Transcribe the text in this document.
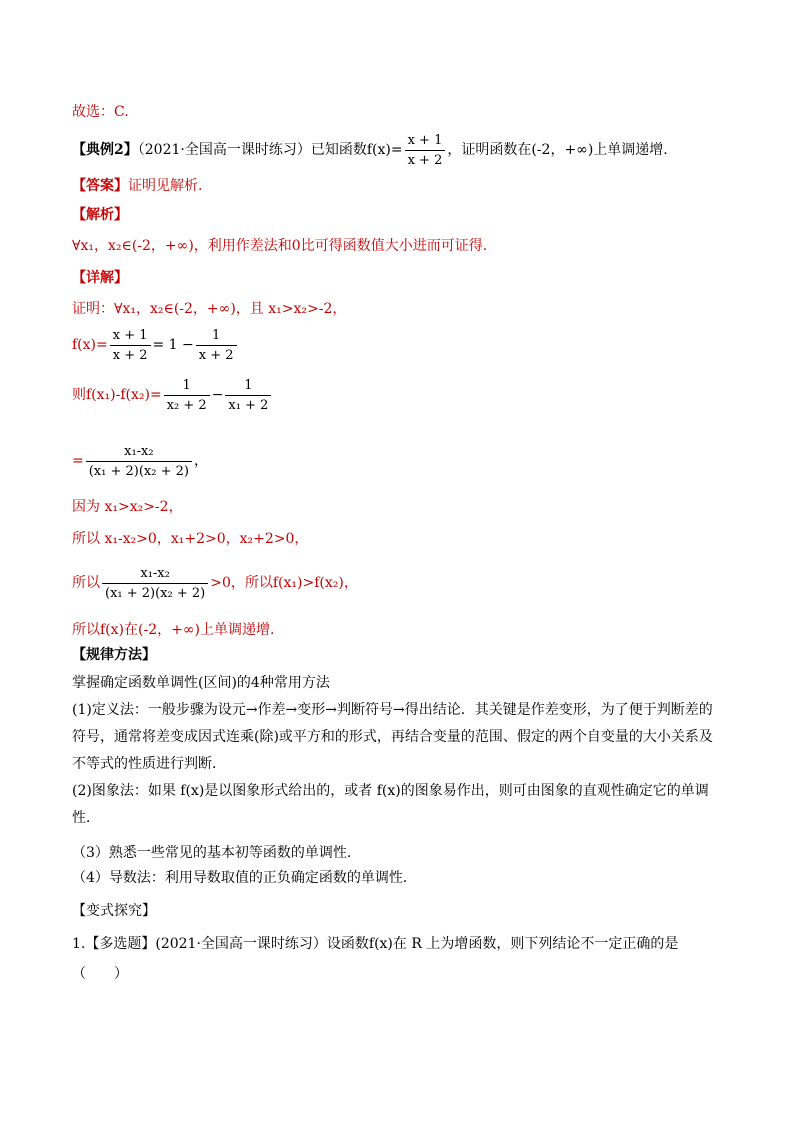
故选：C.
【典例2】（2021·全国高一课时练习）已知函数$f(x)= \frac{x + 1}{x + 2}$ ，证明函数在(-2，+∞)上单调递增.
【答案】证明见解析.
【解析】
∀x₁，x₂∈(-2，+∞)，利用作差法和0比可得函数值大小进而可证得.
【详解】
证明：∀x₁，x₂∈(-2，+∞)，且 x₁>x₂>-2，
$f(x)= \frac{x + 1}{x + 2} = 1 - \frac{1}{x + 2}$
则$f(x_1)-f(x_2)= \frac{1}{\text{x₂ + 2}} - \frac{1}{\text{x₁ + 2}}$
= $\frac{\text{x₁-x₂}}{\text{(x₁ + 2)(x₂ + 2)}}$ ，
因为 x₁>x₂>-2，
所以 x₁-x₂>0，x₁+2>0，x₂+2>0，
所以 $\frac{\text{x₁-x₂}}{\text{(x₁ + 2)(x₂ + 2)}} >0$，所以f(x₁)>f(x₂)，
所以f(x)在(-2，+∞)上单调递增.
【规律方法】
掌握确定函数单调性(区间)的4种常用方法
(1)定义法：一般步骤为设元→作差→变形→判断符号→得出结论．其关键是作差变形，为了便于判断差的
符号，通常将差变成因式连乘(除)或平方和的形式，再结合变量的范围、假定的两个自变量的大小关系及
不等式的性质进行判断．
(2)图象法：如果 f(x)是以图象形式给出的，或者 f(x)的图象易作出，则可由图象的直观性确定它的单调
性．
（3）熟悉一些常见的基本初等函数的单调性.
（4）导数法：利用导数取值的正负确定函数的单调性．
【变式探究】
1.【多选题】(2021·全国高一课时练习）设函数f(x)在 R 上为增函数，则下列结论不一定正确的是
（　　）
